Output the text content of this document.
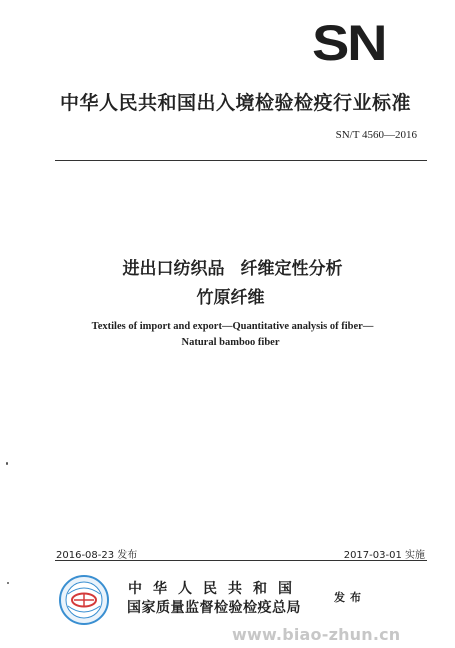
SN
中华人民共和国出入境检验检疫行业标准
SN/T 4560—2016
进出口纺织品 纤维定性分析
竹原纤维
Textiles of import and export—Quantitative analysis of fiber—
Natural bamboo fiber
2016-08-23 发布	2017-03-01 实施
中华人民共和国
国家质量监督检验检疫总局
发布
www.biao-zhun.cn
